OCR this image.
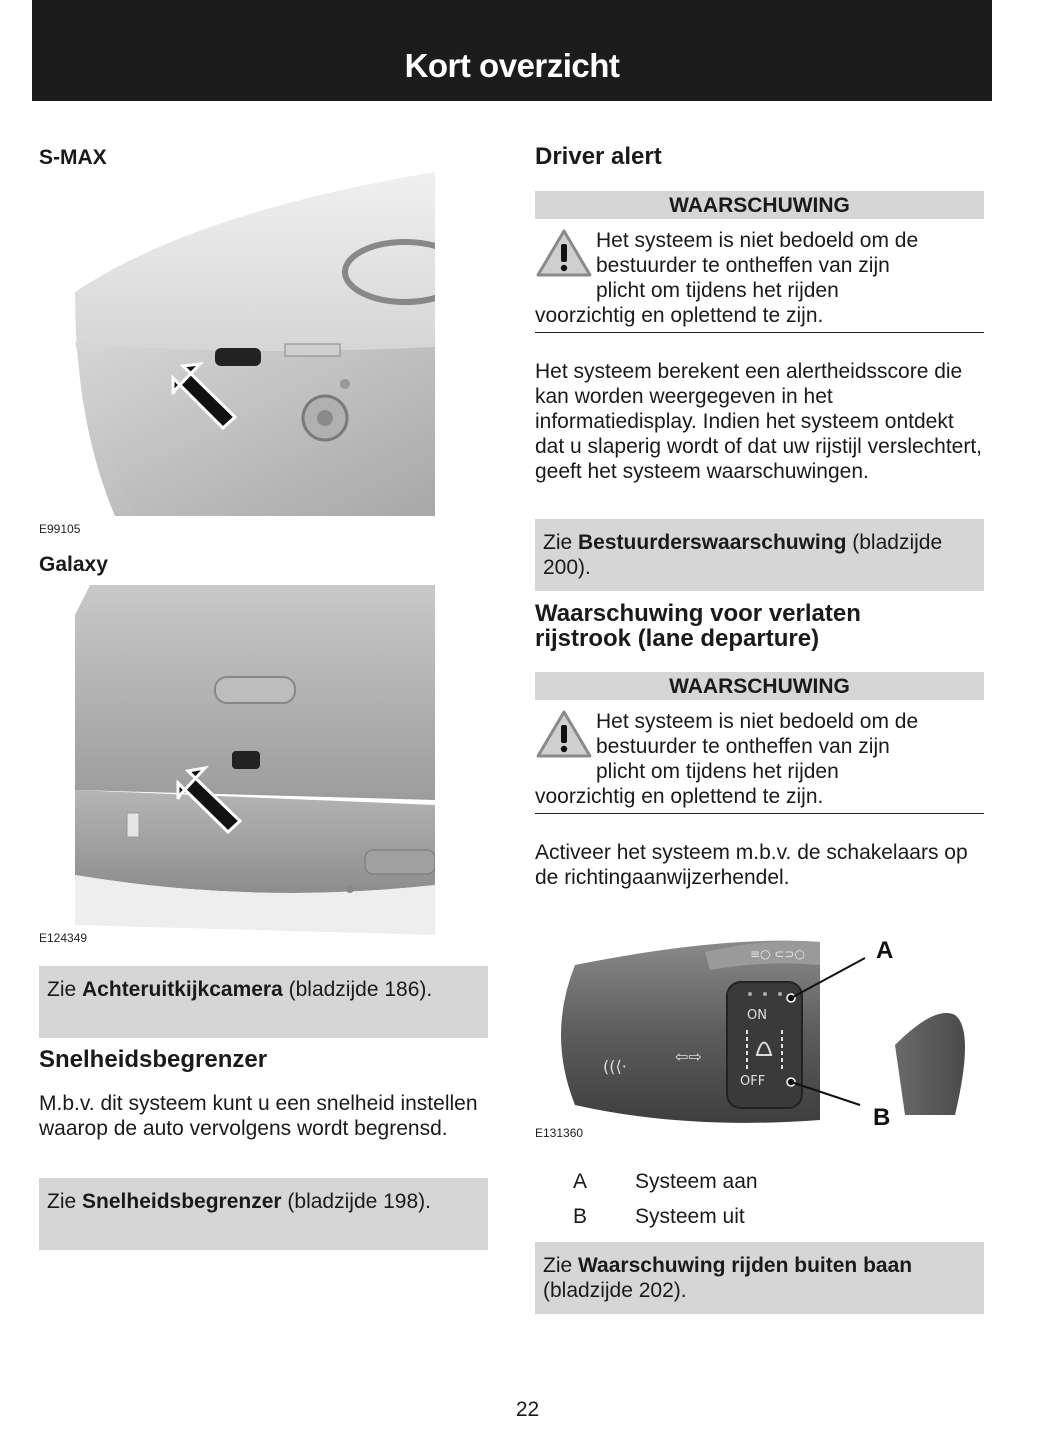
Kort overzicht
S-MAX
E99105
Galaxy
E124349
Zie Achteruitkijkcamera (bladzijde 186).
Snelheidsbegrenzer

M.b.v. dit systeem kunt u een snelheid instellen waarop de auto vervolgens wordt begrensd.

Zie Snelheidsbegrenzer (bladzijde 198).
Driver alert
WAARSCHUWING
Het systeem is niet bedoeld om de
bestuurder te ontheffen van zijn
plicht om tijdens het rijden
voorzichtig en oplettend te zijn.

Het systeem berekent een alertheidsscore die kan worden weergegeven in het informatiedisplay. Indien het systeem ontdekt dat u slaperig wordt of dat uw rijstijl verslechtert, geeft het systeem waarschuwingen.

Zie Bestuurderswaarschuwing (bladzijde 200).
Waarschuwing voor verlaten
rijstrook (lane departure)
WAARSCHUWING
Het systeem is niet bedoeld om de
bestuurder te ontheffen van zijn
plicht om tijdens het rijden
voorzichtig en oplettend te zijn.

Activeer het systeem m.b.v. de schakelaars op de richtingaanwijzerhendel.

≡○ ⊂⊃○
ON
OFF
⇦⇨
((⟨·
A
B
E131360
A Systeem aan
B Systeem uit
Zie Waarschuwing rijden buiten baan (bladzijde 202).
22
